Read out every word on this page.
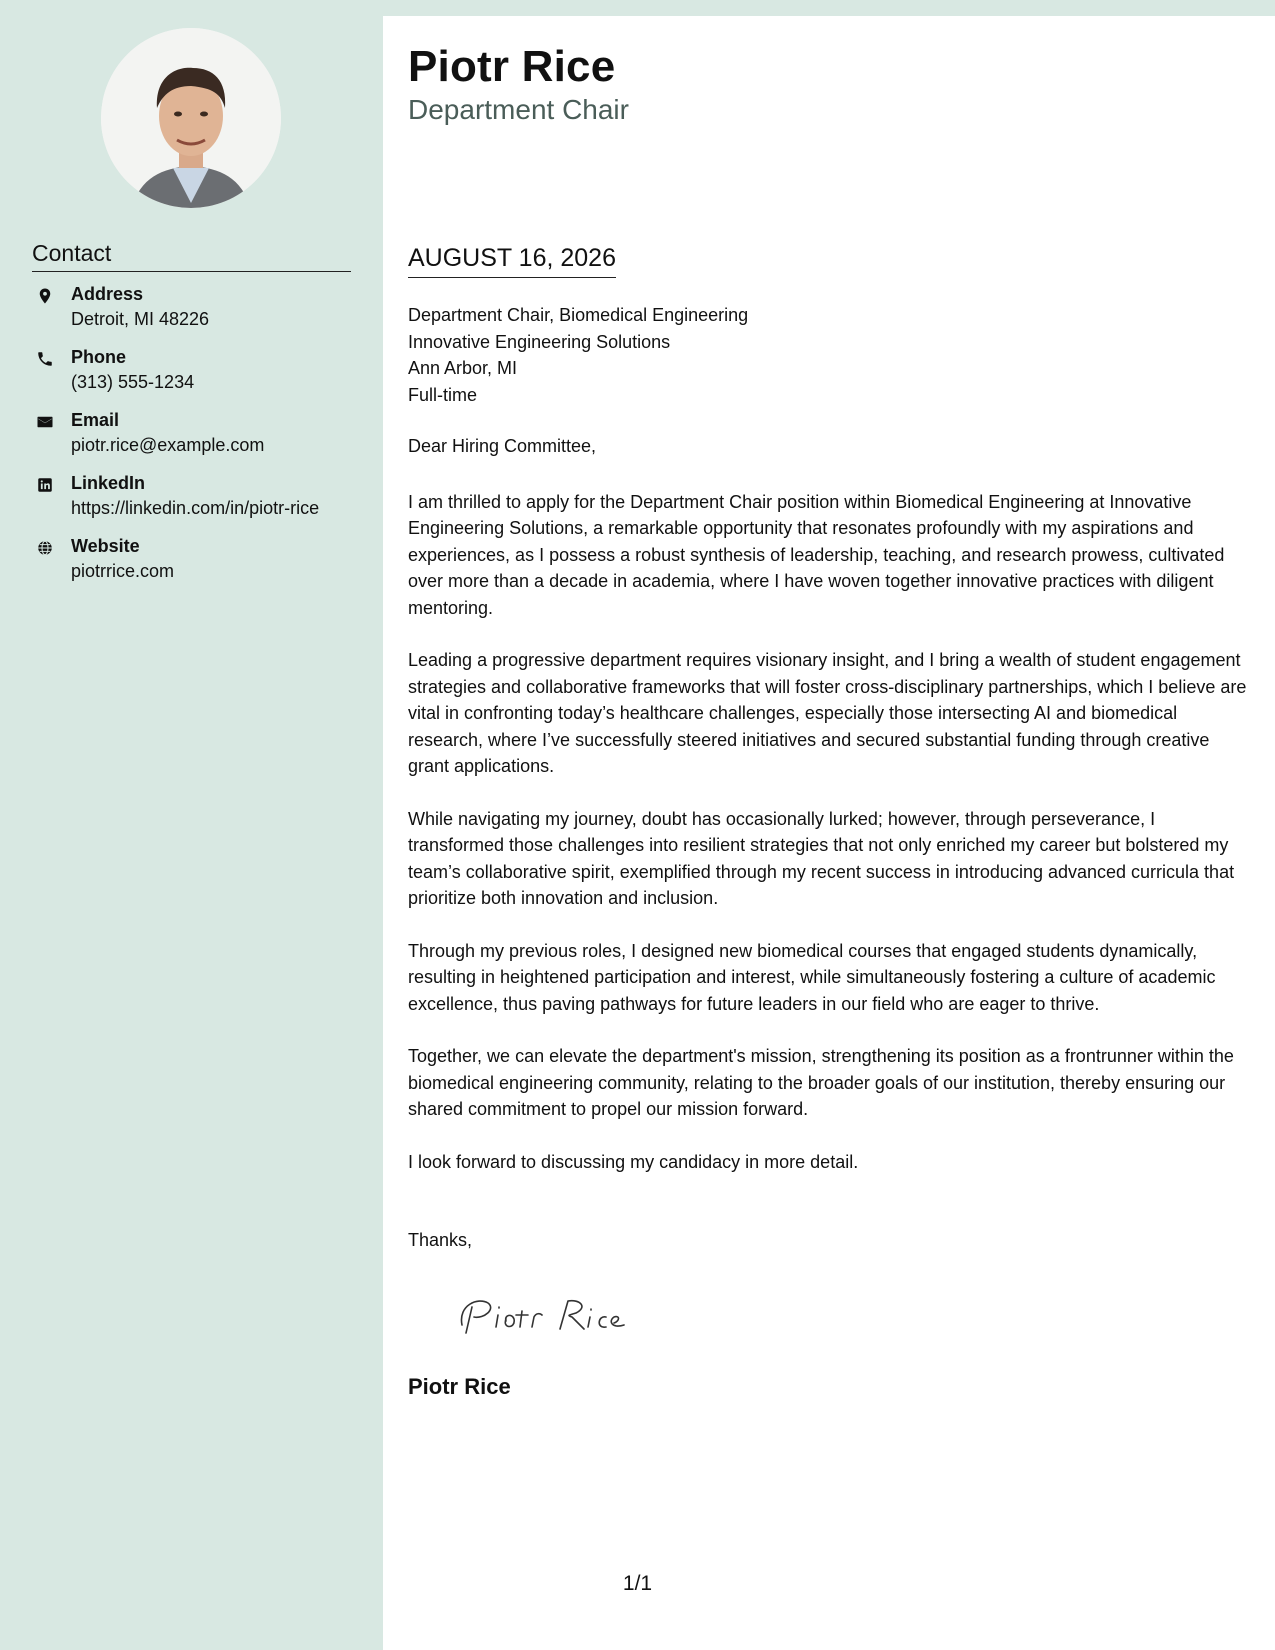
Contact
Address
Detroit, MI 48226
Phone
(313) 555-1234
Email
piotr.rice@example.com
LinkedIn
https://linkedin.com/in/piotr-rice
Website
piotrrice.com
Piotr Rice
Department Chair
AUGUST 16, 2026
Department Chair, Biomedical Engineering
Innovative Engineering Solutions
Ann Arbor, MI
Full-time
Dear Hiring Committee,

I am thrilled to apply for the Department Chair position within Biomedical Engineering at Innovative Engineering Solutions, a remarkable opportunity that resonates profoundly with my aspirations and experiences, as I possess a robust synthesis of leadership, teaching, and research prowess, cultivated over more than a decade in academia, where I have woven together innovative practices with diligent mentoring.

Leading a progressive department requires visionary insight, and I bring a wealth of student engagement strategies and collaborative frameworks that will foster cross-disciplinary partnerships, which I believe are vital in confronting today’s healthcare challenges, especially those intersecting AI and biomedical research, where I’ve successfully steered initiatives and secured substantial funding through creative grant applications.

While navigating my journey, doubt has occasionally lurked; however, through perseverance, I transformed those challenges into resilient strategies that not only enriched my career but bolstered my team’s collaborative spirit, exemplified through my recent success in introducing advanced curricula that prioritize both innovation and inclusion.

Through my previous roles, I designed new biomedical courses that engaged students dynamically, resulting in heightened participation and interest, while simultaneously fostering a culture of academic excellence, thus paving pathways for future leaders in our field who are eager to thrive.

Together, we can elevate the department's mission, strengthening its position as a frontrunner within the biomedical engineering community, relating to the broader goals of our institution, thereby ensuring our shared commitment to propel our mission forward.

I look forward to discussing my candidacy in more detail.

Thanks,
Piotr Rice
1/1
